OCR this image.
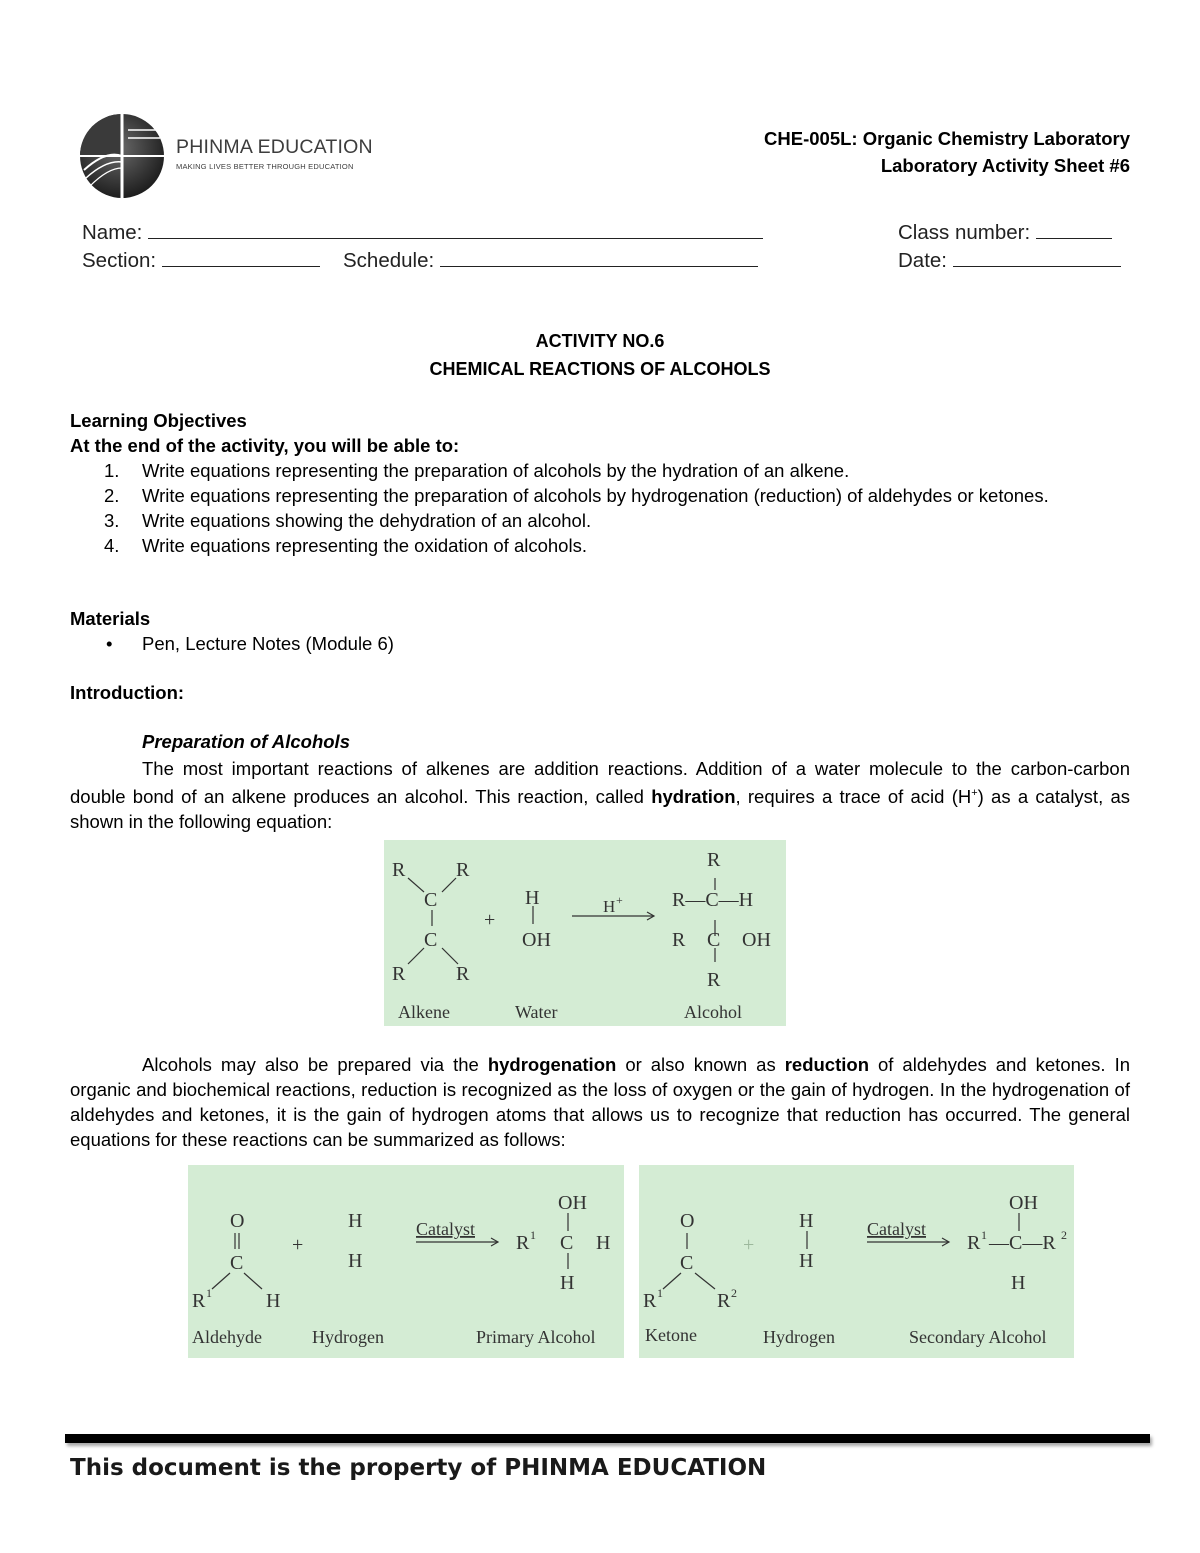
PHINMA EDUCATION
MAKING LIVES BETTER THROUGH EDUCATION
CHE-005L: Organic Chemistry Laboratory
Laboratory Activity Sheet #6
Name:	Class number:
Section:	Schedule:	Date:
ACTIVITY NO.6
CHEMICAL REACTIONS OF ALCOHOLS
Learning Objectives
At the end of the activity, you will be able to:
1. Write equations representing the preparation of alcohols by the hydration of an alkene.
2. Write equations representing the preparation of alcohols by hydrogenation (reduction) of aldehydes or ketones.
3. Write equations showing the dehydration of an alcohol.
4. Write equations representing the oxidation of alcohols.
Materials
• Pen, Lecture Notes (Module 6)
Introduction:
Preparation of Alcohols
The most important reactions of alkenes are addition reactions. Addition of a water molecule to the carbon-carbon double bond of an alkene produces an alcohol. This reaction, called hydration, requires a trace of acid (H+) as a catalyst, as shown in the following equation:
R	R
C
C
R	R
+
H
OH
H +
R
R—C—H
R C OH
R
Alkene	Water	Alcohol
Alcohols may also be prepared via the hydrogenation or also known as reduction of aldehydes and ketones. In organic and biochemical reactions, reduction is recognized as the loss of oxygen or the gain of hydrogen. In the hydrogenation of aldehydes and ketones, it is the gain of hydrogen atoms that allows us to recognize that reduction has occurred. The general equations for these reactions can be summarized as follows:
O
C
R 1	H
+
H
H
Catalyst
OH
R 1 C H
H
Aldehyde	Hydrogen	Primary Alcohol
O
C
R 1	R 2
+
H
H
Catalyst
OH
R 1 —C—R 2
H
Ketone	Hydrogen	Secondary Alcohol
This document is the property of PHINMA EDUCATION
